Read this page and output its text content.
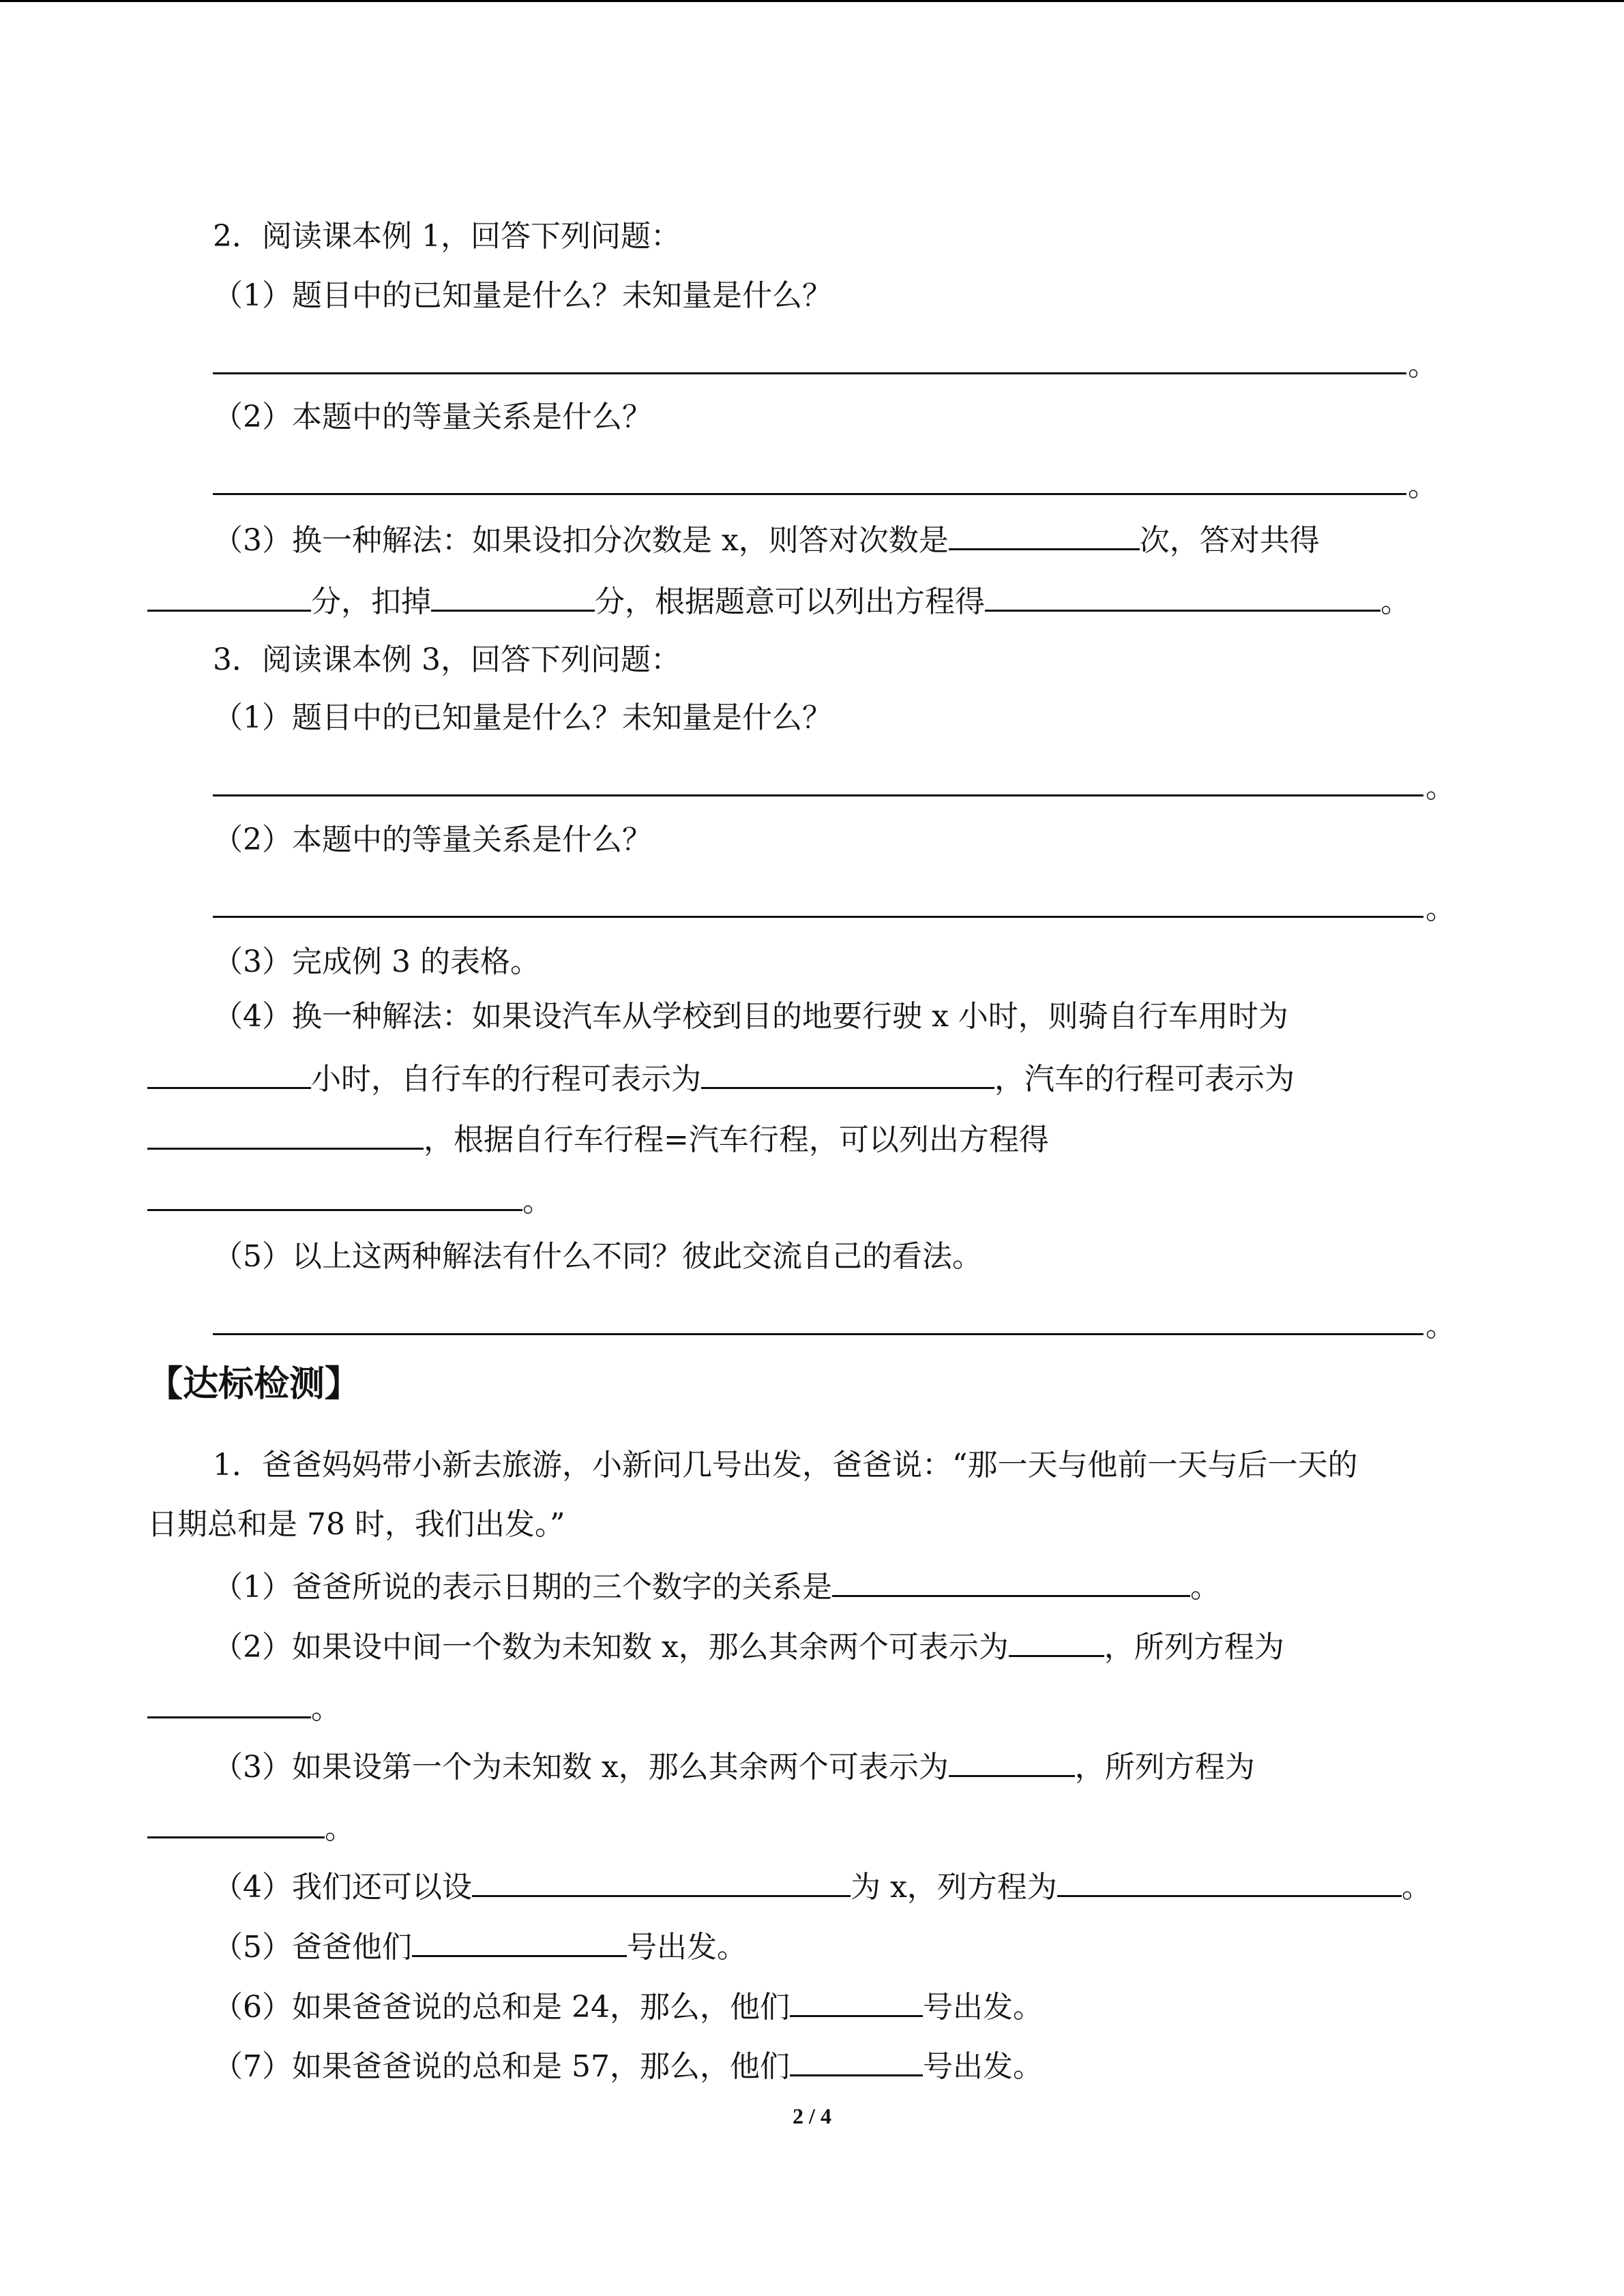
2．阅读课本例 1，回答下列问题：
（1）题目中的已知量是什么？未知量是什么？
。
（2）本题中的等量关系是什么？
。
（3）换一种解法：如果设扣分次数是 x，则答对次数是	次，答对共得
分，扣掉	分，根据题意可以列出方程得	。
3．阅读课本例 3，回答下列问题：
（1）题目中的已知量是什么？未知量是什么？
。
（2）本题中的等量关系是什么？
。
（3）完成例 3 的表格。
（4）换一种解法：如果设汽车从学校到目的地要行驶 x 小时，则骑自行车用时为
小时，自行车的行程可表示为	，汽车的行程可表示为
，根据自行车行程=汽车行程，可以列出方程得
。
（5）以上这两种解法有什么不同？彼此交流自己的看法。
。
【达标检测】
1．爸爸妈妈带小新去旅游，小新问几号出发，爸爸说：“那一天与他前一天与后一天的
日期总和是 78 时，我们出发。”
（1）爸爸所说的表示日期的三个数字的关系是	。
（2）如果设中间一个数为未知数 x，那么其余两个可表示为	，所列方程为
。
（3）如果设第一个为未知数 x，那么其余两个可表示为	，所列方程为
。
（4）我们还可以设	为 x，列方程为	。
（5）爸爸他们	号出发。
（6）如果爸爸说的总和是 24，那么，他们	号出发。
（7）如果爸爸说的总和是 57，那么，他们	号出发。
2 / 4
